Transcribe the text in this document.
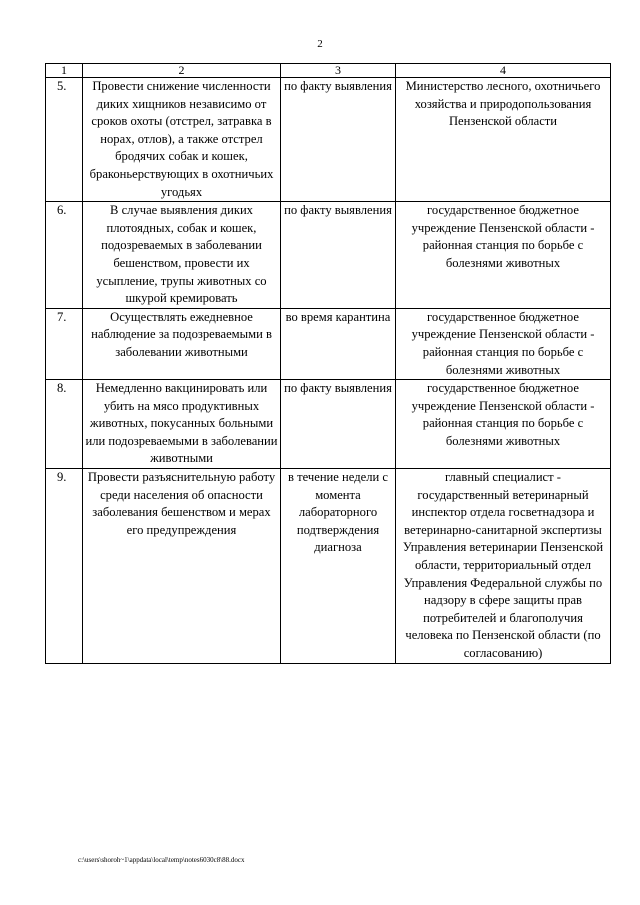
2
1	2	3	4
5.	Провести снижение численности диких хищников независимо от сроков охоты (отстрел, затравка в норах, отлов), а также отстрел бродячих собак и кошек, браконьерствующих в охотничьих угодьях	по факту выявления	Министерство лесного, охотничьего хозяйства и природопользования Пензенской области
6.	В случае выявления диких плотоядных, собак и кошек, подозреваемых в заболевании бешенством, провести их усыпление, трупы животных со шкурой кремировать	по факту выявления	государственное бюджетное учреждение Пензенской области - районная станция по борьбе с болезнями животных
7.	Осуществлять ежедневное наблюдение за подозреваемыми в заболевании животными	во время карантина	государственное бюджетное учреждение Пензенской области - районная станция по борьбе с болезнями животных
8.	Немедленно вакцинировать или убить на мясо продуктивных животных, покусанных больными или подозреваемыми в заболевании животными	по факту выявления	государственное бюджетное учреждение Пензенской области - районная станция по борьбе с болезнями животных
9.	Провести разъяснительную работу среди населения об опасности заболевания бешенством и мерах его предупреждения	в течение недели с момента лабораторного подтверждения диагноза	главный специалист - государственный ветеринарный инспектор отдела госветнадзора и ветеринарно-санитарной экспертизы Управления ветеринарии Пензенской области, территориальный отдел Управления Федеральной службы по надзору в сфере защиты прав потребителей и благополучия человека по Пензенской области (по согласованию)
c:\users\shoroh~1\appdata\local\temp\notes6030c8\88.docx
